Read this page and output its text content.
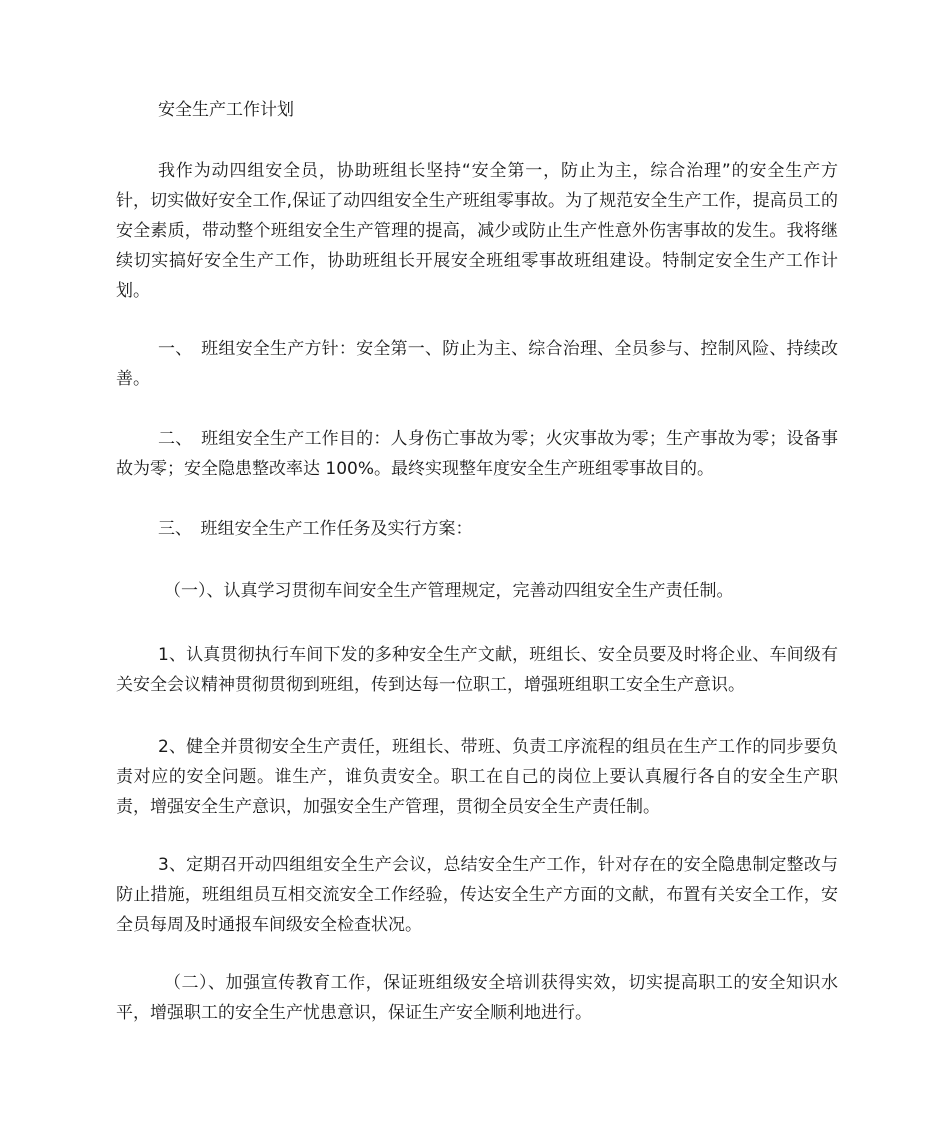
安全生产工作计划

我作为动四组安全员，协助班组长坚持“安全第一，防止为主，综合治理”的安全生产方针，切实做好安全工作,保证了动四组安全生产班组零事故。为了规范安全生产工作，提高员工的安全素质，带动整个班组安全生产管理的提高，减少或防止生产性意外伤害事故的发生。我将继续切实搞好安全生产工作，协助班组长开展安全班组零事故班组建设。特制定安全生产工作计划。

一、　班组安全生产方针：安全第一、防止为主、综合治理、全员参与、控制风险、持续改善。

二、　班组安全生产工作目的：人身伤亡事故为零；火灾事故为零；生产事故为零；设备事故为零；安全隐患整改率达 100%。最终实现整年度安全生产班组零事故目的。

三、　班组安全生产工作任务及实行方案：

（一）、认真学习贯彻车间安全生产管理规定，完善动四组安全生产责任制。

1、认真贯彻执行车间下发的多种安全生产文献，班组长、安全员要及时将企业、车间级有关安全会议精神贯彻贯彻到班组，传到达每一位职工，增强班组职工安全生产意识。

2、健全并贯彻安全生产责任，班组长、带班、负责工序流程的组员在生产工作的同步要负责对应的安全问题。谁生产，谁负责安全。职工在自己的岗位上要认真履行各自的安全生产职责，增强安全生产意识，加强安全生产管理，贯彻全员安全生产责任制。

3、定期召开动四组组安全生产会议，总结安全生产工作，针对存在的安全隐患制定整改与防止措施，班组组员互相交流安全工作经验，传达安全生产方面的文献，布置有关安全工作，安全员每周及时通报车间级安全检查状况。

（二）、加强宣传教育工作，保证班组级安全培训获得实效，切实提高职工的安全知识水平，增强职工的安全生产忧患意识，保证生产安全顺利地进行。
